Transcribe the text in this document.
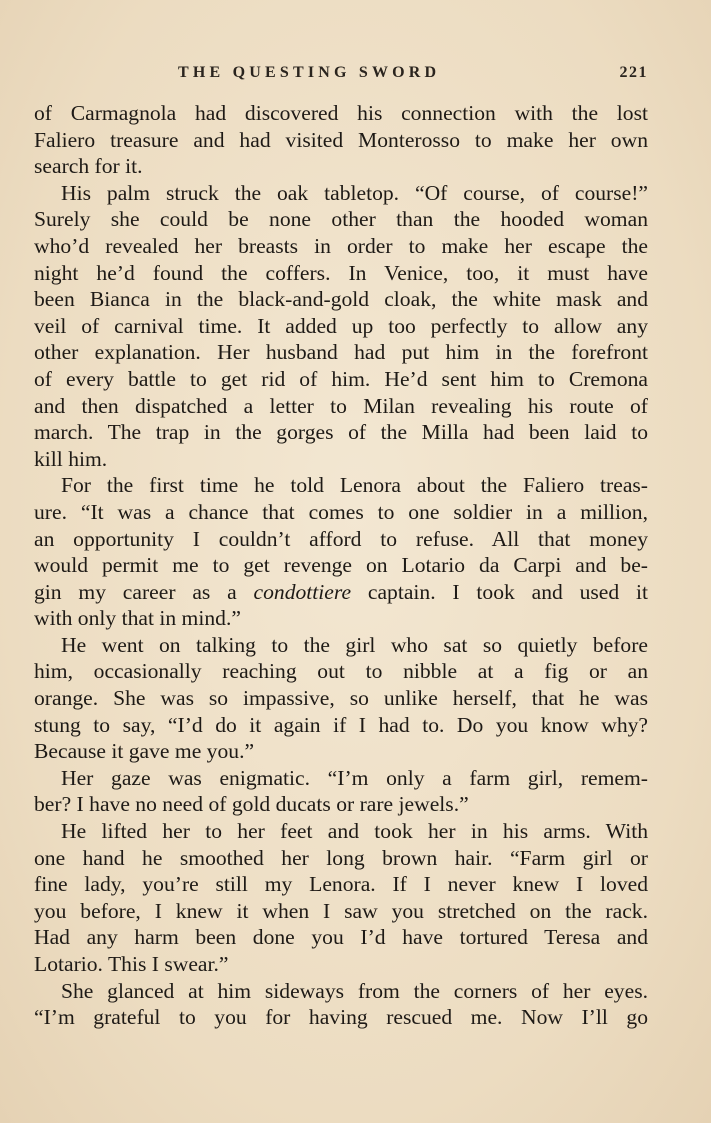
THE QUESTING SWORD	221
of Carmagnola had discovered his connection with the lost
Faliero treasure and had visited Monterosso to make her own
search for it.
His palm struck the oak tabletop. “Of course, of course!”
Surely she could be none other than the hooded woman
who’d revealed her breasts in order to make her escape the
night he’d found the coffers. In Venice, too, it must have
been Bianca in the black-and-gold cloak, the white mask and
veil of carnival time. It added up too perfectly to allow any
other explanation. Her husband had put him in the forefront
of every battle to get rid of him. He’d sent him to Cremona
and then dispatched a letter to Milan revealing his route of
march. The trap in the gorges of the Milla had been laid to
kill him.
For the first time he told Lenora about the Faliero treas-
ure. “It was a chance that comes to one soldier in a million,
an opportunity I couldn’t afford to refuse. All that money
would permit me to get revenge on Lotario da Carpi and be-
gin my career as a condottiere captain. I took and used it
with only that in mind.”
He went on talking to the girl who sat so quietly before
him, occasionally reaching out to nibble at a fig or an
orange. She was so impassive, so unlike herself, that he was
stung to say, “I’d do it again if I had to. Do you know why?
Because it gave me you.”
Her gaze was enigmatic. “I’m only a farm girl, remem-
ber? I have no need of gold ducats or rare jewels.”
He lifted her to her feet and took her in his arms. With
one hand he smoothed her long brown hair. “Farm girl or
fine lady, you’re still my Lenora. If I never knew I loved
you before, I knew it when I saw you stretched on the rack.
Had any harm been done you I’d have tortured Teresa and
Lotario. This I swear.”
She glanced at him sideways from the corners of her eyes.
“I’m grateful to you for having rescued me. Now I’ll go
